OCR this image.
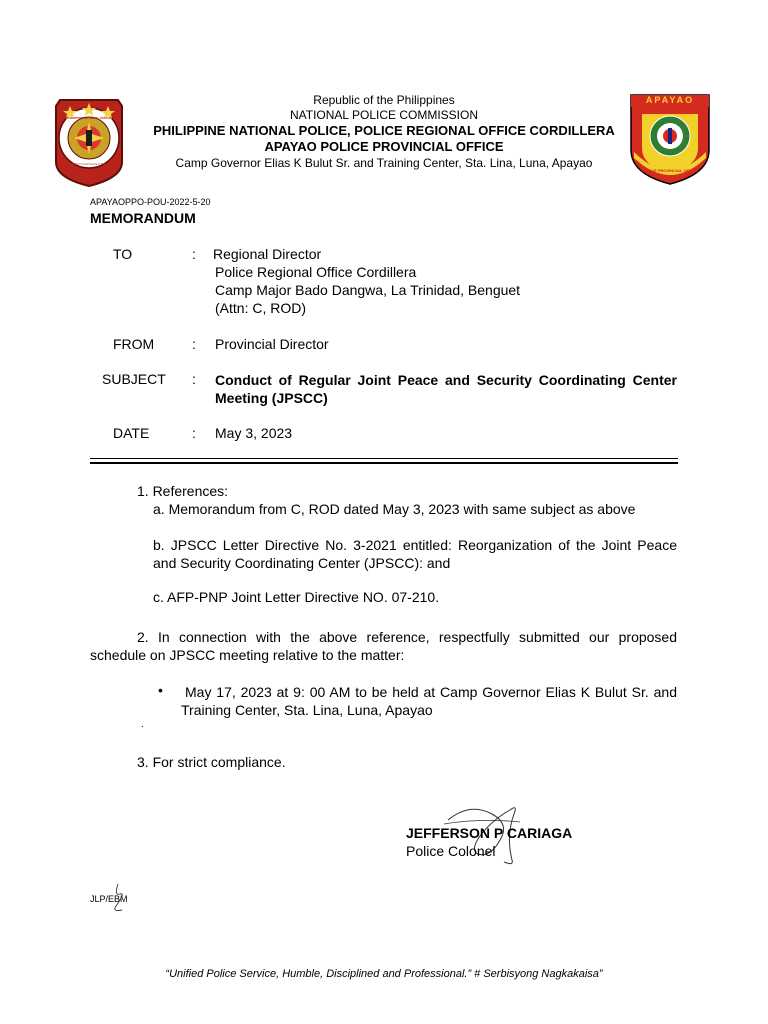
PHILIPPINE NATIONAL POLICE
SERBISYO KAYA KALUTASAN
APAYAO
POLICE PROVINCIAL OFFICE
Republic of the Philippines
NATIONAL POLICE COMMISSION
PHILIPPINE NATIONAL POLICE, POLICE REGIONAL OFFICE CORDILLERA
APAYAO POLICE PROVINCIAL OFFICE
Camp Governor Elias K Bulut Sr. and Training Center, Sta. Lina, Luna, Apayao
APAYAOPPO-POU-2022-5-20
MEMORANDUM
TO	: Regional Director
Police Regional Office Cordillera
Camp Major Bado Dangwa, La Trinidad, Benguet
(Attn: C, ROD)
FROM	: Provincial Director
SUBJECT : Conduct of Regular Joint Peace and Security Coordinating Center Meeting (JPSCC)
DATE	: May 3, 2023
1. References:
a. Memorandum from C, ROD dated May 3, 2023 with same subject as above
b. JPSCC Letter Directive No. 3-2021 entitled: Reorganization of the Joint Peace and Security Coordinating Center (JPSCC): and
c. AFP-PNP Joint Letter Directive NO. 07-210.
2. In connection with the above reference, respectfully submitted our proposed schedule on JPSCC meeting relative to the matter:
• May 17, 2023 at 9: 00 AM to be held at Camp Governor Elias K Bulut Sr. and Training Center, Sta. Lina, Luna, Apayao
.
3. For strict compliance.
JEFFERSON P CARIAGA
Police Colonel
JLP/EBM
“Unified Police Service, Humble, Disciplined and Professional.” # Serbisyong Nagkakaisa”
